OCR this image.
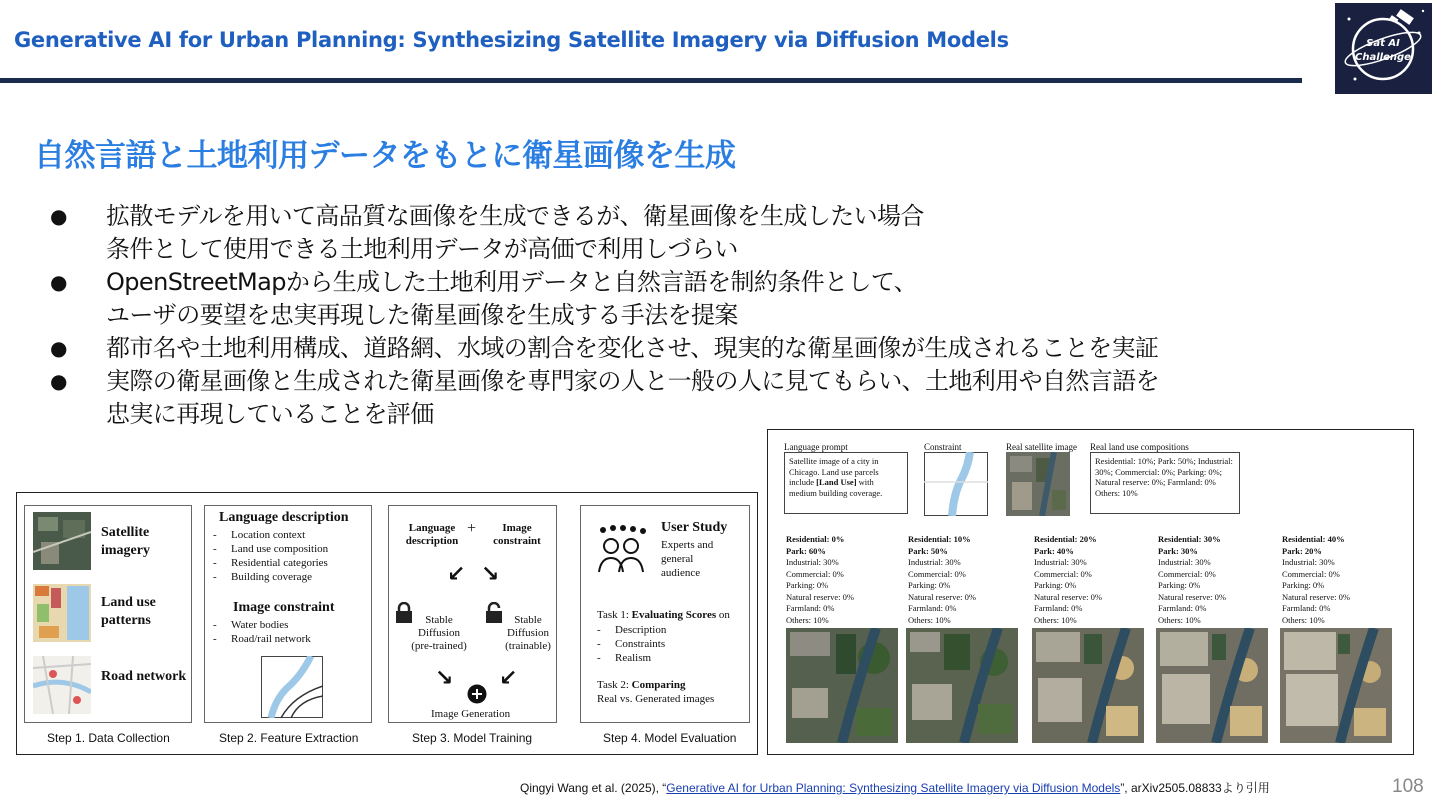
Generative AI for Urban Planning: Synthesizing Satellite Imagery via Diffusion Models	Sat AI
Challenge
自然言語と土地利用データをもとに衛星画像を生成
● 拡散モデルを用いて高品質な画像を生成できるが、衛星画像を生成したい場合
条件として使用できる土地利用データが高価で利用しづらい
● OpenStreetMapから生成した土地利用データと自然言語を制約条件として、
ユーザの要望を忠実再現した衛星画像を生成する手法を提案
● 都市名や土地利用構成、道路網、水域の割合を変化させ、現実的な衛星画像が生成されることを実証
● 実際の衛星画像と生成された衛星画像を専門家の人と一般の人に見てもらい、土地利用や自然言語を
忠実に再現していることを評価
Satellite imagery
Land use patterns
Road network
Step 1. Data Collection
Language description
- Location context
- Land use composition
- Residential categories
- Building coverage
Image constraint
- Water bodies
- Road/rail network
Step 2. Feature Extraction
Language description
+	Image constraint
↙ ↘
Stable Diffusion (pre-trained)
Stable Diffusion (trainable)
↘ ↙
Image Generation
Step 3. Model Training
User Study
Experts and general audience
Task 1: Evaluating Scores on
- Description
- Constraints
- Realism
Task 2: Comparing
Real vs. Generated images
Step 4. Model Evaluation
Language prompt	Constraint	Real satellite image Real land use compositions
Satellite image of a city in Chicago. Land use parcels include [Land Use] with medium building coverage.
Residential: 10%; Park: 50%; Industrial: 30%; Commercial: 0%; Parking: 0%; Natural reserve: 0%; Farmland: 0% Others: 10%
Residential: 0%
Park: 60%
Industrial: 30%
Commercial: 0%
Parking: 0%
Natural reserve: 0%
Farmland: 0%
Others: 10%
Residential: 10%
Park: 50%
Industrial: 30%
Commercial: 0%
Parking: 0%
Natural reserve: 0%
Farmland: 0%
Others: 10%
Residential: 20%
Park: 40%
Industrial: 30%
Commercial: 0%
Parking: 0%
Natural reserve: 0%
Farmland: 0%
Others: 10%
Residential: 30%
Park: 30%
Industrial: 30%
Commercial: 0%
Parking: 0%
Natural reserve: 0%
Farmland: 0%
Others: 10%
Residential: 40%
Park: 20%
Industrial: 30%
Commercial: 0%
Parking: 0%
Natural reserve: 0%
Farmland: 0%
Others: 10%
Qingyi Wang et al. (2025), “Generative AI for Urban Planning: Synthesizing Satellite Imagery via Diffusion Models”, arXiv2505.08833より引用	108
